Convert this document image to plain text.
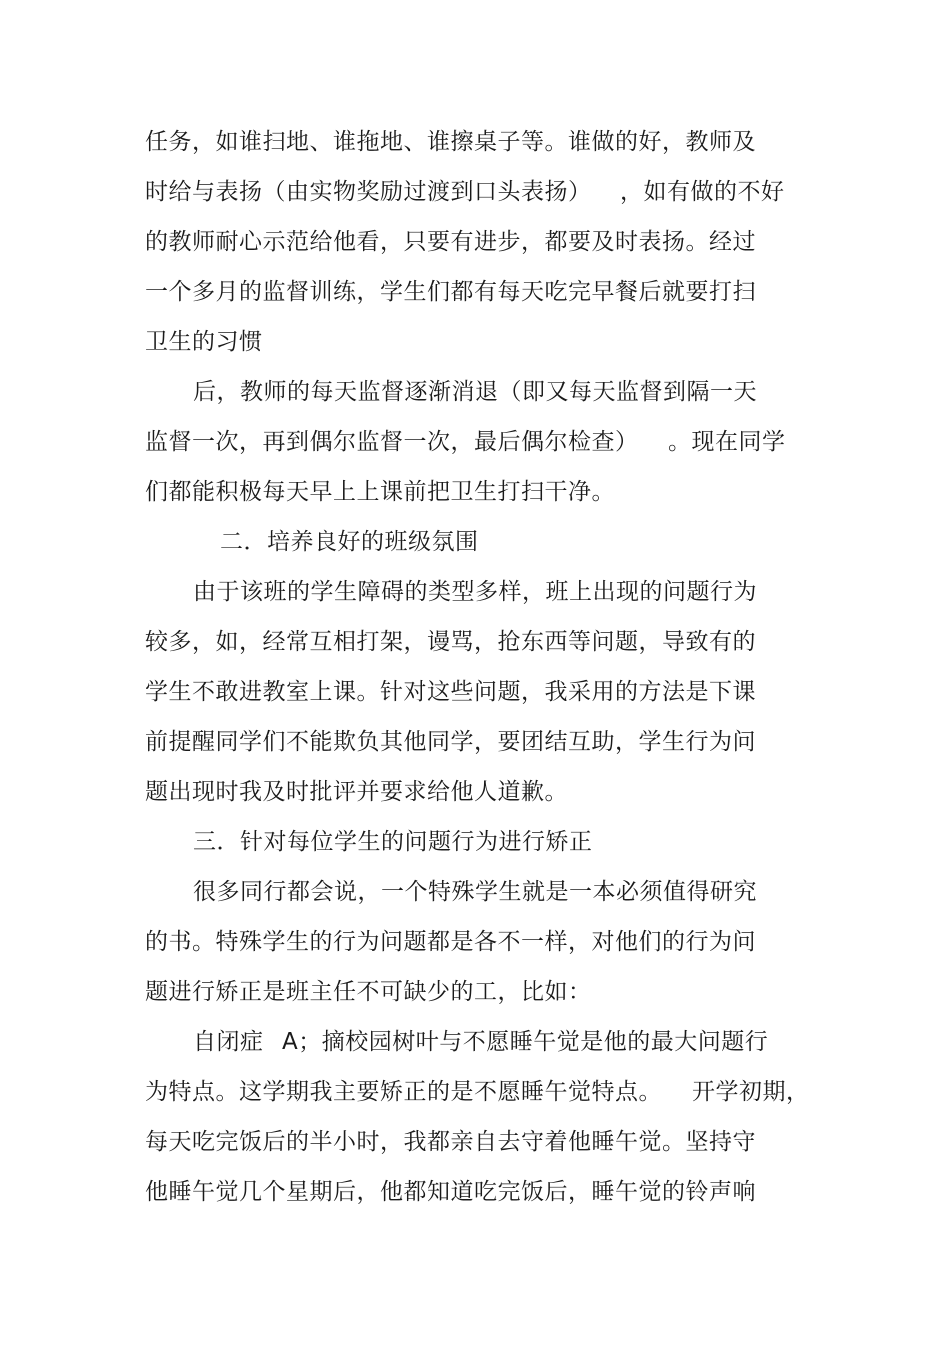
任务，如谁扫地、谁拖地、谁擦桌子等。谁做的好，教师及
时给与表扬（由实物奖励过渡到口头表扬） ，如有做的不好
的教师耐心示范给他看，只要有进步，都要及时表扬。经过
一个多月的监督训练，学生们都有每天吃完早餐后就要打扫
卫生的习惯
后，教师的每天监督逐渐消退（即又每天监督到隔一天
监督一次，再到偶尔监督一次，最后偶尔检查） 。现在同学
们都能积极每天早上上课前把卫生打扫干净。
二．培养良好的班级氛围
由于该班的学生障碍的类型多样，班上出现的问题行为
较多，如，经常互相打架，谩骂，抢东西等问题，导致有的
学生不敢进教室上课。针对这些问题，我采用的方法是下课
前提醒同学们不能欺负其他同学，要团结互助，学生行为问
题出现时我及时批评并要求给他人道歉。
三．针对每位学生的问题行为进行矫正
很多同行都会说，一个特殊学生就是一本必须值得研究
的书。特殊学生的行为问题都是各不一样，对他们的行为问
题进行矫正是班主任不可缺少的工，比如：
自闭症 A；摘校园树叶与不愿睡午觉是他的最大问题行
为特点。这学期我主要矫正的是不愿睡午觉特点。 开学初期，
每天吃完饭后的半小时，我都亲自去守着他睡午觉。坚持守
他睡午觉几个星期后，他都知道吃完饭后，睡午觉的铃声响
